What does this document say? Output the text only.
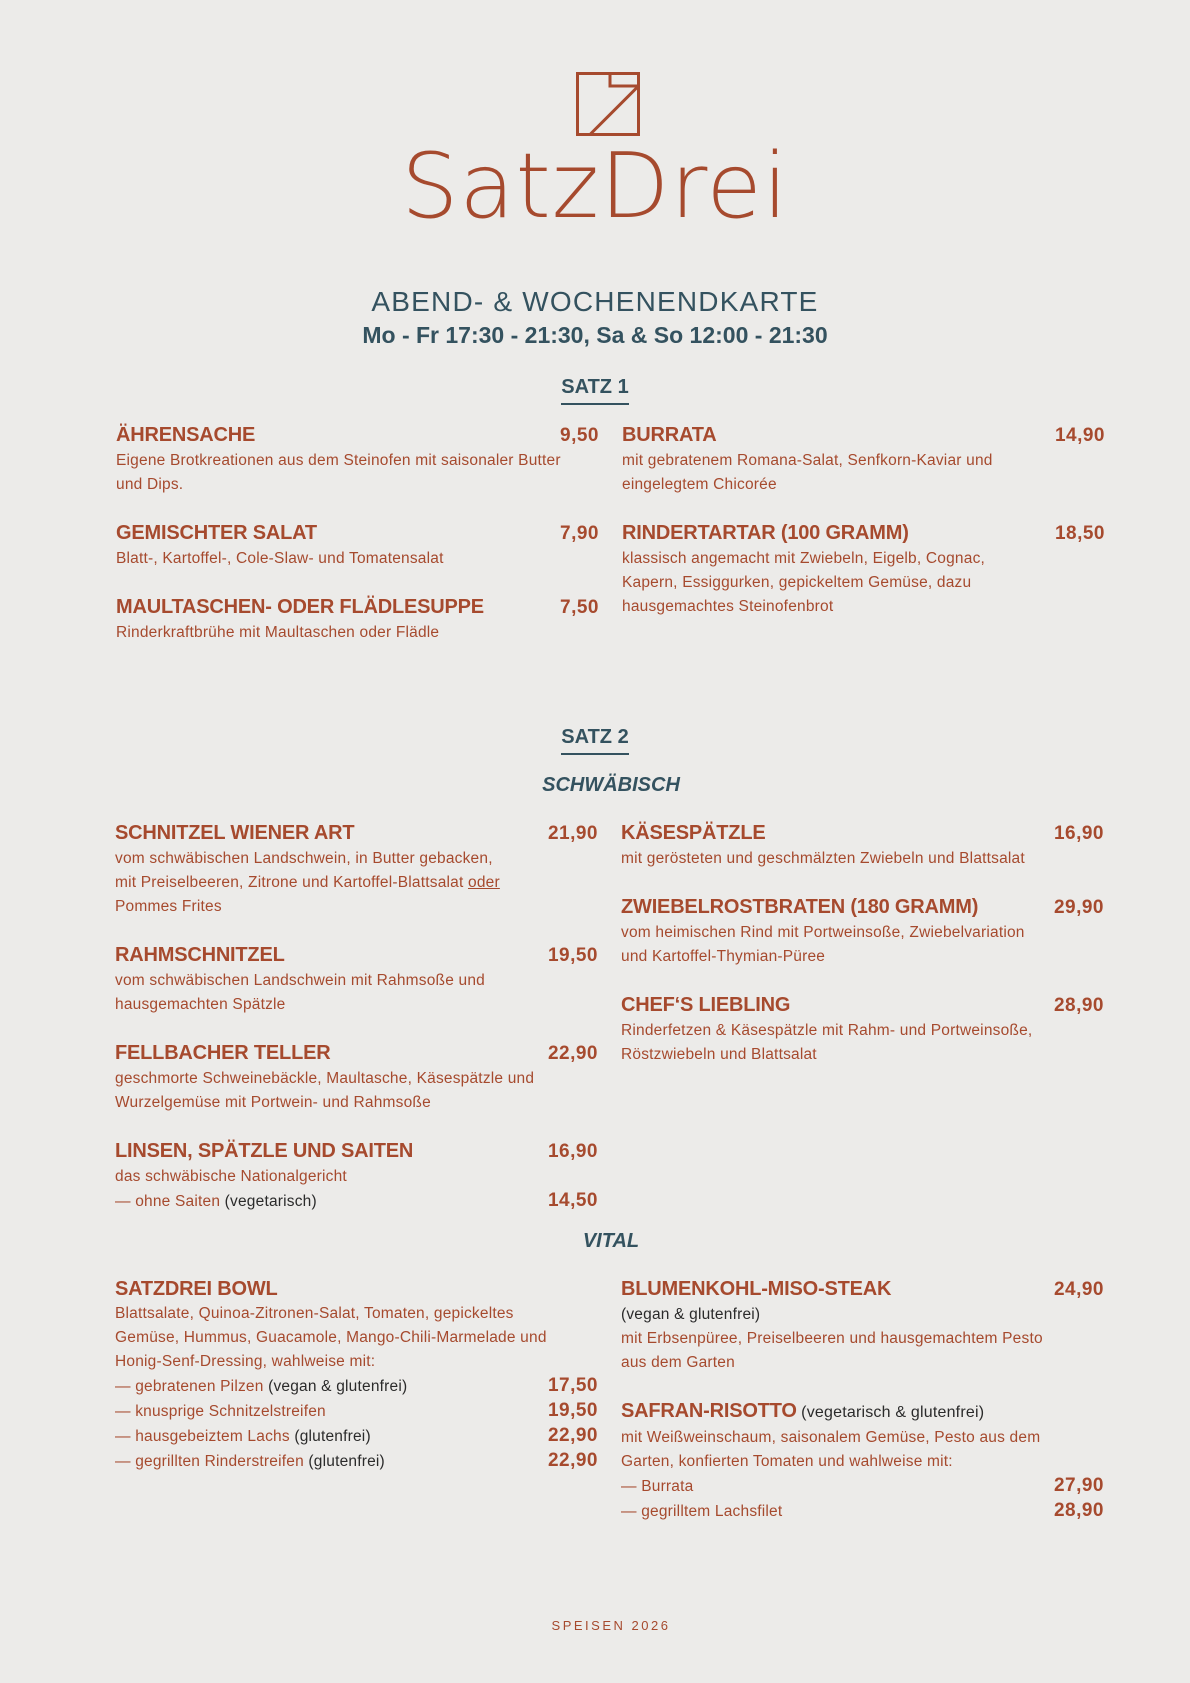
SatzDrei
ABEND- & WOCHENENDKARTE
Mo - Fr 17:30 - 21:30, Sa & So 12:00 - 21:30
SATZ 1
ÄHRENSACHE	9,50
Eigene Brotkreationen aus dem Steinofen mit saisonaler Butter
und Dips.
GEMISCHTER SALAT	7,90
Blatt-, Kartoffel-, Cole-Slaw- und Tomatensalat
MAULTASCHEN- ODER FLÄDLESUPPE	7,50
Rinderkraftbrühe mit Maultaschen oder Flädle
BURRATA	14,90
mit gebratenem Romana-Salat, Senfkorn-Kaviar und
eingelegtem Chicorée
RINDERTARTAR (100 GRAMM)	18,50
klassisch angemacht mit Zwiebeln, Eigelb, Cognac,
Kapern, Essiggurken, gepickeltem Gemüse, dazu
hausgemachtes Steinofenbrot
SATZ 2
SCHWÄBISCH
SCHNITZEL WIENER ART	21,90
vom schwäbischen Landschwein, in Butter gebacken,
mit Preiselbeeren, Zitrone und Kartoffel-Blattsalat oder
Pommes Frites
RAHMSCHNITZEL	19,50
vom schwäbischen Landschwein mit Rahmsoße und
hausgemachten Spätzle
FELLBACHER TELLER	22,90
geschmorte Schweinebäckle, Maultasche, Käsespätzle und
Wurzelgemüse mit Portwein- und Rahmsoße
LINSEN, SPÄTZLE UND SAITEN	16,90
das schwäbische Nationalgericht
— ohne Saiten (vegetarisch)	14,50
KÄSESPÄTZLE	16,90
mit gerösteten und geschmälzten Zwiebeln und Blattsalat
ZWIEBELROSTBRATEN (180 GRAMM)	29,90
vom heimischen Rind mit Portweinsoße, Zwiebelvariation
und Kartoffel-Thymian-Püree
CHEF‘S LIEBLING	28,90
Rinderfetzen & Käsespätzle mit Rahm- und Portweinsoße,
Röstzwiebeln und Blattsalat
VITAL
SATZDREI BOWL
Blattsalate, Quinoa-Zitronen-Salat, Tomaten, gepickeltes
Gemüse, Hummus, Guacamole, Mango-Chili-Marmelade und
Honig-Senf-Dressing, wahlweise mit:
— gebratenen Pilzen (vegan & glutenfrei)	17,50
— knusprige Schnitzelstreifen	19,50
— hausgebeiztem Lachs (glutenfrei)	22,90
— gegrillten Rinderstreifen (glutenfrei)	22,90
BLUMENKOHL-MISO-STEAK	24,90
(vegan & glutenfrei)
mit Erbsenpüree, Preiselbeeren und hausgemachtem Pesto
aus dem Garten
SAFRAN-RISOTTO (vegetarisch & glutenfrei)
mit Weißweinschaum, saisonalem Gemüse, Pesto aus dem
Garten, konfierten Tomaten und wahlweise mit:
— Burrata	27,90
— gegrilltem Lachsfilet	28,90
SPEISEN 2026
